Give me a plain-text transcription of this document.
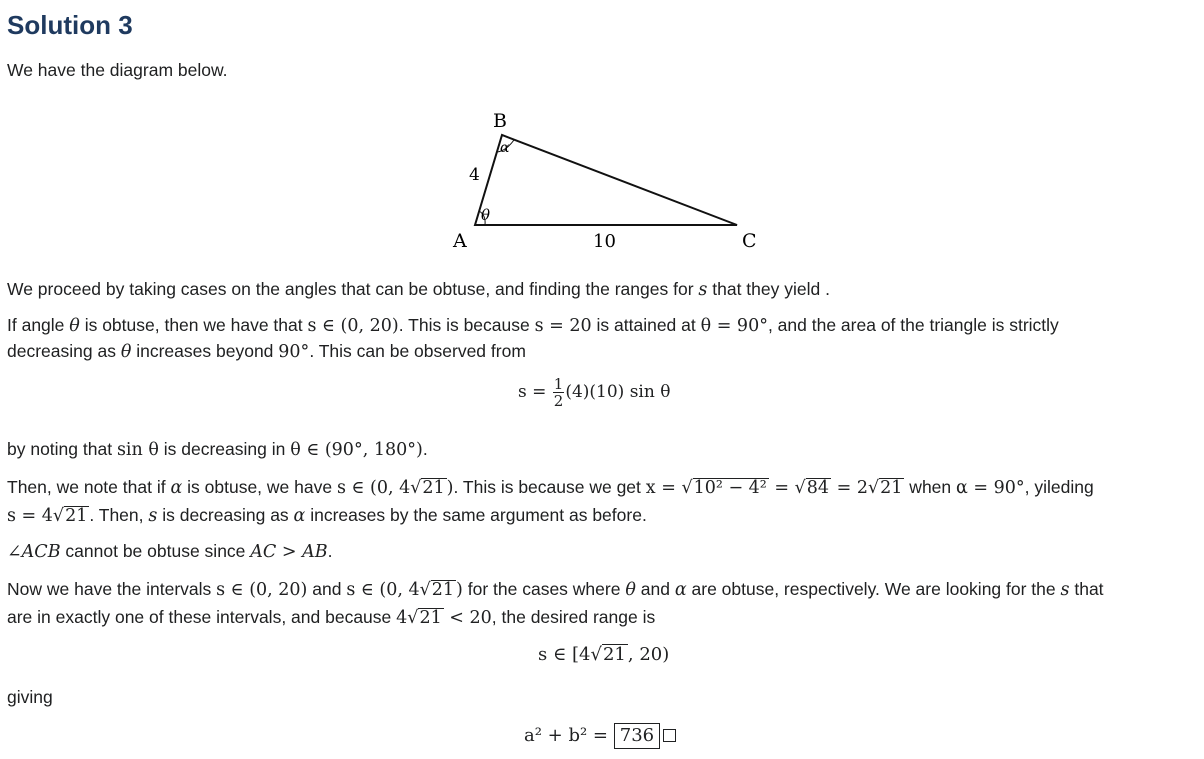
Solution 3
We have the diagram below.
A
B
C
4
10
θ
α
We proceed by taking cases on the angles that can be obtuse, and finding the ranges for s that they yield .
If angle θ is obtuse, then we have that s ∈ (0, 20). This is because s = 20 is attained at θ = 90°, and the area of the triangle is strictly
decreasing as θ increases beyond 90°. This can be observed from
$s = \frac{1}{2} (4)(10)$ sin θ
by noting that sin θ is decreasing in θ ∈ (90°, 180°).
Then, we note that if α is obtuse, we have s ∈ (0, 4√21 ). This is because we get x = √10² − 4² = √84 = 2√21 when α = 90°, yileding
s = 4√21 . Then, s is decreasing as α increases by the same argument as before.
∠ACB cannot be obtuse since AC > AB.
Now we have the intervals s ∈ (0, 20) and s ∈ (0, 4√21 ) for the cases where θ and α are obtuse, respectively. We are looking for the s that
are in exactly one of these intervals, and because 4√21 < 20, the desired range is
s ∈ [4√21 , 20)
giving
a² + b² = 736
